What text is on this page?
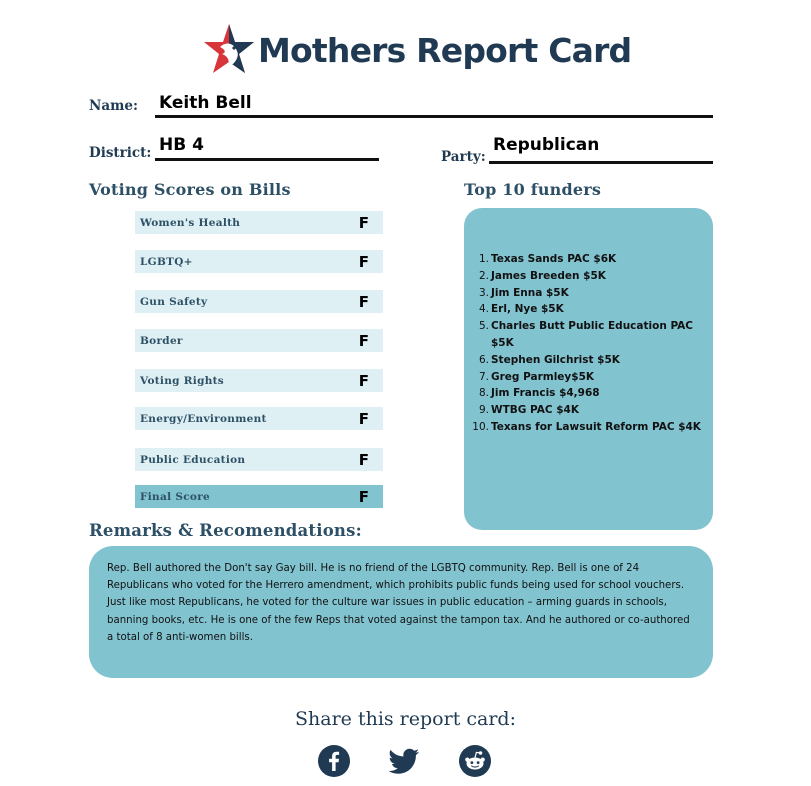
Mothers Report Card
Name: Keith Bell
District: HB 4
Party:
Republican
Voting Scores on Bills	Top 10 funders
Women's Health	F
LGBTQ+	F
Gun Safety	F
Border	F
Voting Rights	F
Energy/Environment	F
Public Education	F
Final Score	F
1. Texas Sands PAC $6K
2. James Breeden $5K
3. Jim Enna $5K
4. Erl, Nye $5K
5. Charles Butt Public Education PAC $5K
6. Stephen Gilchrist $5K
7. Greg Parmley$5K
8. Jim Francis $4,968
9. WTBG PAC $4K
10. Texans for Lawsuit Reform PAC $4K
Remarks & Recomendations:

Rep. Bell authored the Don't say Gay bill. He is no friend of the LGBTQ community. Rep. Bell is one of 24 Republicans who voted for the Herrero amendment, which prohibits public funds being used for school vouchers. Just like most Republicans, he voted for the culture war issues in public education – arming guards in schools, banning books, etc. He is one of the few Reps that voted against the tampon tax. And he authored or co-authored a total of 8 anti-women bills.

Share this report card:
